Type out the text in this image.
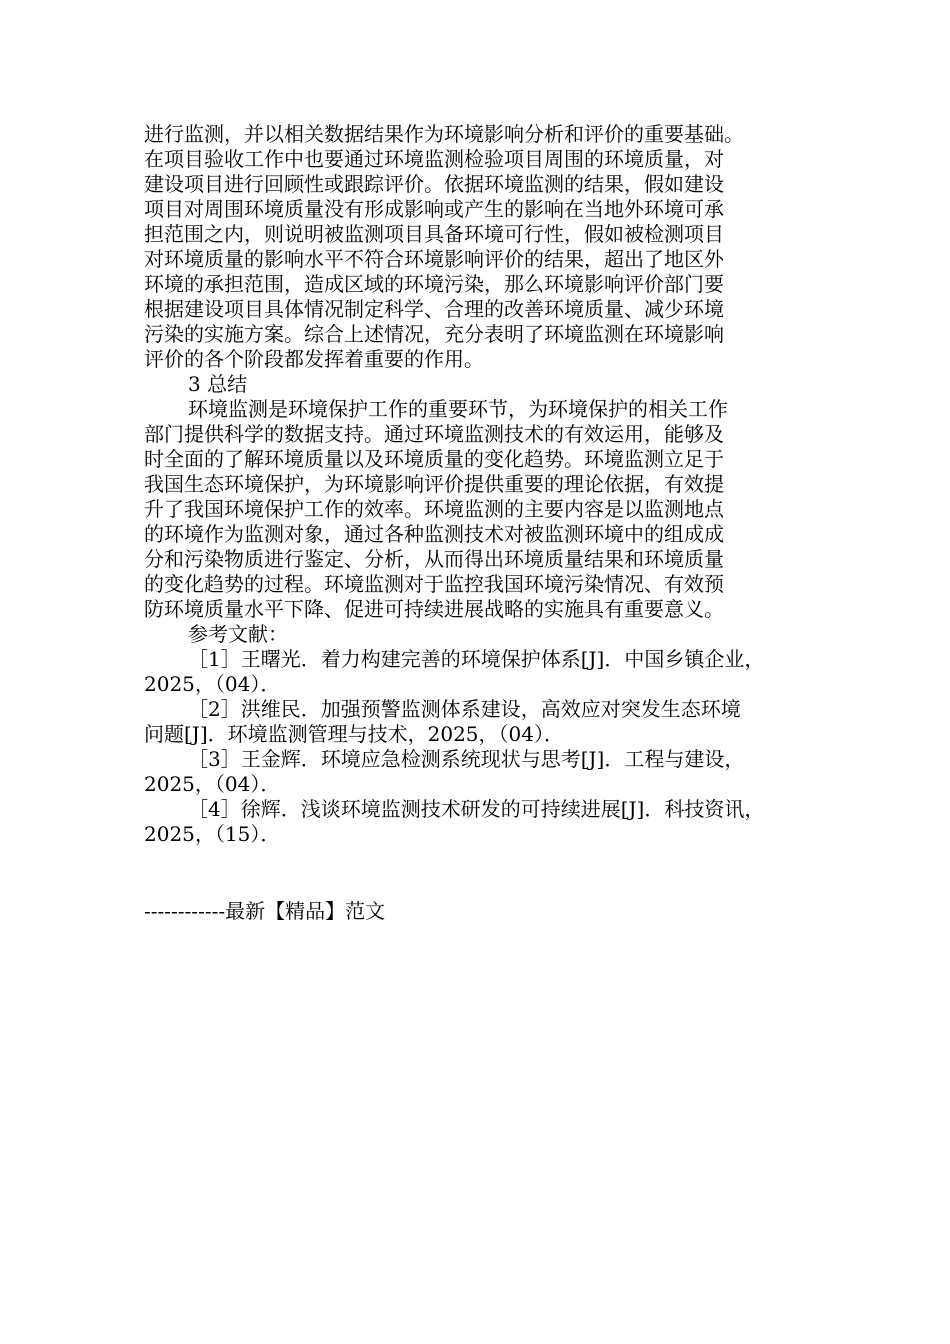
进行监测，并以相关数据结果作为环境影响分析和评价的重要基础。
在项目验收工作中也要通过环境监测检验项目周围的环境质量，对
建设项目进行回顾性或跟踪评价。依据环境监测的结果，假如建设
项目对周围环境质量没有形成影响或产生的影响在当地外环境可承
担范围之内，则说明被监测项目具备环境可行性，假如被检测项目
对环境质量的影响水平不符合环境影响评价的结果，超出了地区外
环境的承担范围，造成区域的环境污染，那么环境影响评价部门要
根据建设项目具体情况制定科学、合理的改善环境质量、减少环境
污染的实施方案。综合上述情况，充分表明了环境监测在环境影响
评价的各个阶段都发挥着重要的作用。
3 总结
环境监测是环境保护工作的重要环节，为环境保护的相关工作
部门提供科学的数据支持。通过环境监测技术的有效运用，能够及
时全面的了解环境质量以及环境质量的变化趋势。环境监测立足于
我国生态环境保护，为环境影响评价提供重要的理论依据，有效提
升了我国环境保护工作的效率。环境监测的主要内容是以监测地点
的环境作为监测对象，通过各种监测技术对被监测环境中的组成成
分和污染物质进行鉴定、分析，从而得出环境质量结果和环境质量
的变化趋势的过程。环境监测对于监控我国环境污染情况、有效预
防环境质量水平下降、促进可持续进展战略的实施具有重要意义。
参考文献：
［1］王曙光．着力构建完善的环境保护体系[J]．中国乡镇企业，
2025，（04）．
［2］洪维民．加强预警监测体系建设，高效应对突发生态环境
问题[J]．环境监测管理与技术，2025，（04）．
［3］王金辉．环境应急检测系统现状与思考[J]．工程与建设，
2025，（04）．
［4］徐辉．浅谈环境监测技术研发的可持续进展[J]．科技资讯，
2025，（15）．
------------最新【精品】范文
